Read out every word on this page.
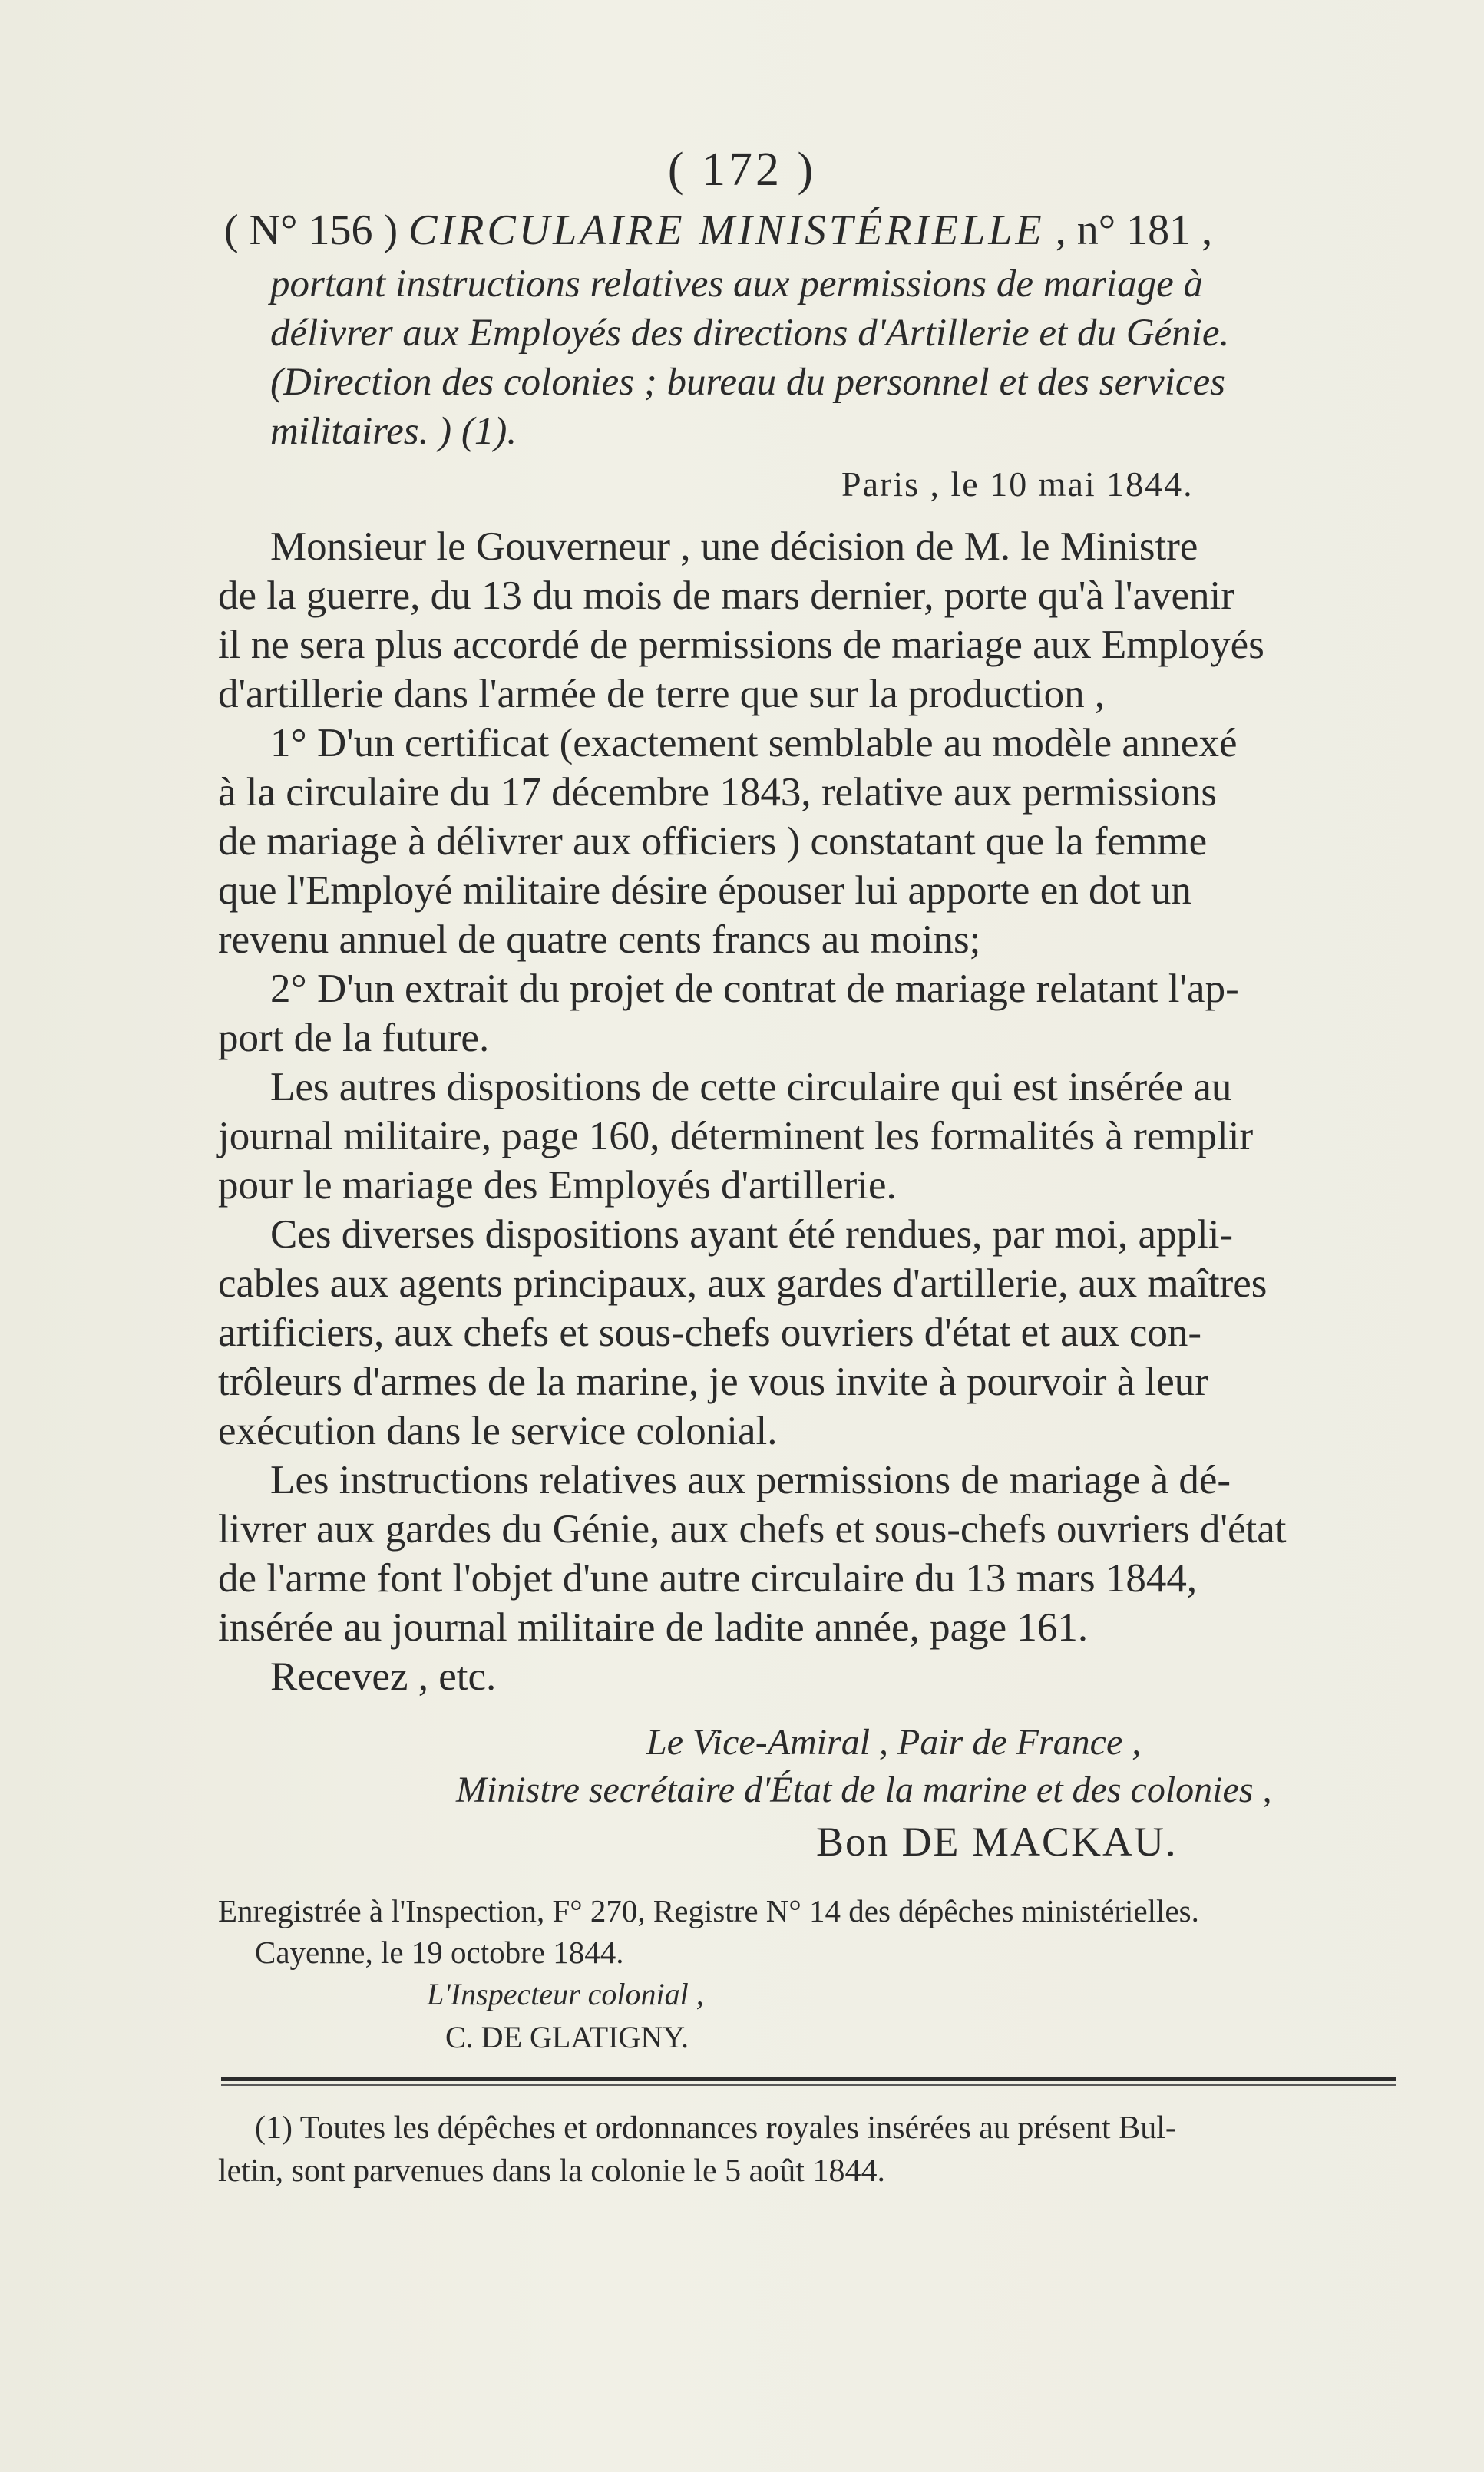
( 172 )
( N° 156 ) CIRCULAIRE MINISTÉRIELLE , n° 181 ,
portant instructions relatives aux permissions de mariage à
délivrer aux Employés des directions d'Artillerie et du Génie.
(Direction des colonies ; bureau du personnel et des services
militaires. ) (1).
Paris , le 10 mai 1844.
Monsieur le Gouverneur , une décision de M. le Ministre
de la guerre, du 13 du mois de mars dernier, porte qu'à l'avenir
il ne sera plus accordé de permissions de mariage aux Employés
d'artillerie dans l'armée de terre que sur la production ,
1° D'un certificat (exactement semblable au modèle annexé
à la circulaire du 17 décembre 1843, relative aux permissions
de mariage à délivrer aux officiers ) constatant que la femme
que l'Employé militaire désire épouser lui apporte en dot un
revenu annuel de quatre cents francs au moins;
2° D'un extrait du projet de contrat de mariage relatant l'ap-
port de la future.
Les autres dispositions de cette circulaire qui est insérée au
journal militaire, page 160, déterminent les formalités à remplir
pour le mariage des Employés d'artillerie.
Ces diverses dispositions ayant été rendues, par moi, appli-
cables aux agents principaux, aux gardes d'artillerie, aux maîtres
artificiers, aux chefs et sous-chefs ouvriers d'état et aux con-
trôleurs d'armes de la marine, je vous invite à pourvoir à leur
exécution dans le service colonial.
Les instructions relatives aux permissions de mariage à dé-
livrer aux gardes du Génie, aux chefs et sous-chefs ouvriers d'état
de l'arme font l'objet d'une autre circulaire du 13 mars 1844,
insérée au journal militaire de ladite année, page 161.
Recevez , etc.
Le Vice-Amiral , Pair de France ,
Ministre secrétaire d'État de la marine et des colonies ,
Bon DE MACKAU.
Enregistrée à l'Inspection, F° 270, Registre N° 14 des dépêches ministérielles.
Cayenne, le 19 octobre 1844.
L'Inspecteur colonial ,
C. DE GLATIGNY.
(1) Toutes les dépêches et ordonnances royales insérées au présent Bul-
letin, sont parvenues dans la colonie le 5 août 1844.
